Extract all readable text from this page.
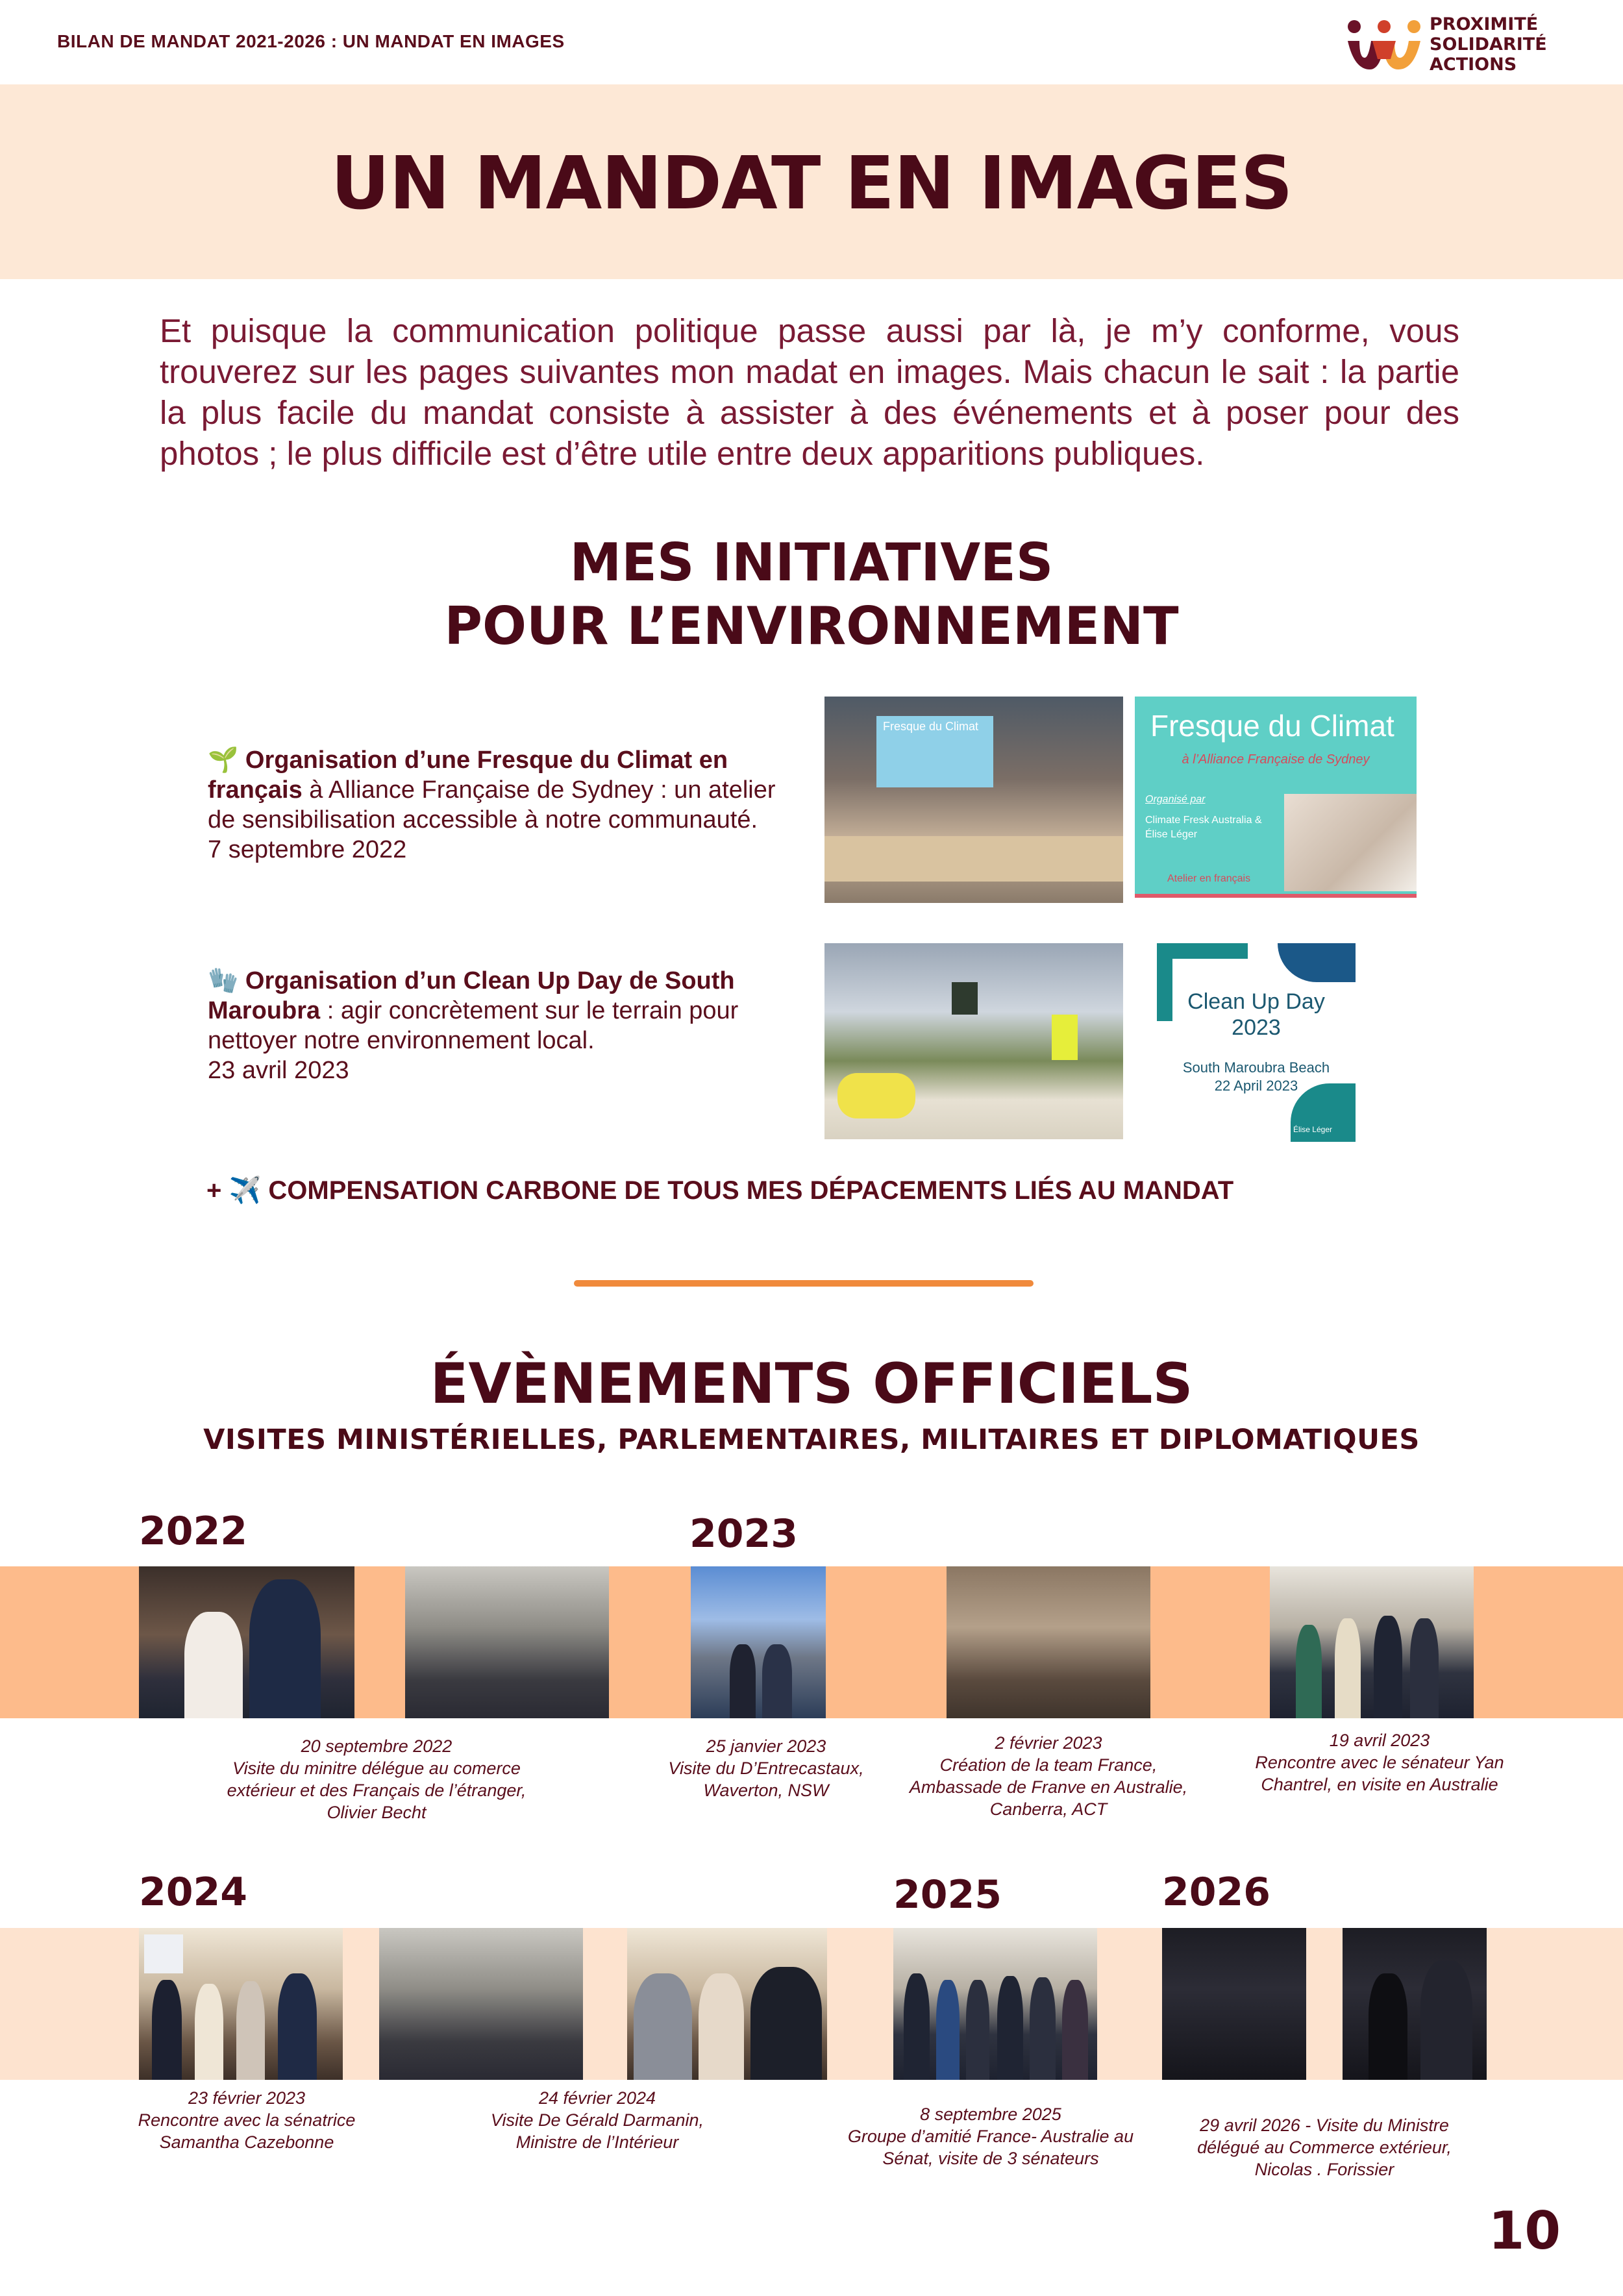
BILAN DE MANDAT 2021-2026 : UN MANDAT EN IMAGES
PROXIMITÉ
SOLIDARITÉ
ACTIONS
UN MANDAT EN IMAGES
Et puisque la communication politique passe aussi par là, je m’y conforme, vous trouverez sur les pages suivantes mon madat en images. Mais chacun le sait : la partie la plus facile du mandat consiste à assister à des événements et à poser pour des photos ; le plus difficile est d’être utile entre deux apparitions publiques.
MES INITIATIVES
POUR L’ENVIRONNEMENT
🌱 Organisation d’une Fresque du Climat en français à Alliance Française de Sydney : un atelier de sensibilisation accessible à notre communauté.
7 septembre 2022
🧤 Organisation d’un Clean Up Day de South Maroubra : agir concrètement sur le terrain pour nettoyer notre environnement local.
23 avril 2023
Fresque du Climat	Fresque du Climat
à l’Alliance Française de Sydney
Organisé par
Climate Fresk Australia & Élise Léger
Atelier en français
Clean Up Day
2023
South Maroubra Beach
22 April 2023
Élise Léger
+ ✈️ COMPENSATION CARBONE DE TOUS MES DÉPACEMENTS LIÉS AU MANDAT
ÉVÈNEMENTS OFFICIELS
VISITES MINISTÉRIELLES, PARLEMENTAIRES, MILITAIRES ET DIPLOMATIQUES
2022	2023
20 septembre 2022
Visite du minitre délégue au comerce
extérieur et des Français de l’étranger,
Olivier Becht
25 janvier 2023
Visite du D’Entrecastaux,
Waverton, NSW
2 février 2023
Création de la team France,
Ambassade de Franve en Australie,
Canberra, ACT
19 avril 2023
Rencontre avec le sénateur Yan
Chantrel, en visite en Australie
2024	2025	2026
23 février 2023
Rencontre avec la sénatrice
Samantha Cazebonne
24 février 2024
Visite De Gérald Darmanin,
Ministre de l’Intérieur
8 septembre 2025
Groupe d’amitié France- Australie au
Sénat, visite de 3 sénateurs
29 avril 2026 - Visite du Ministre
délégué au Commerce extérieur,
Nicolas . Forissier
10
